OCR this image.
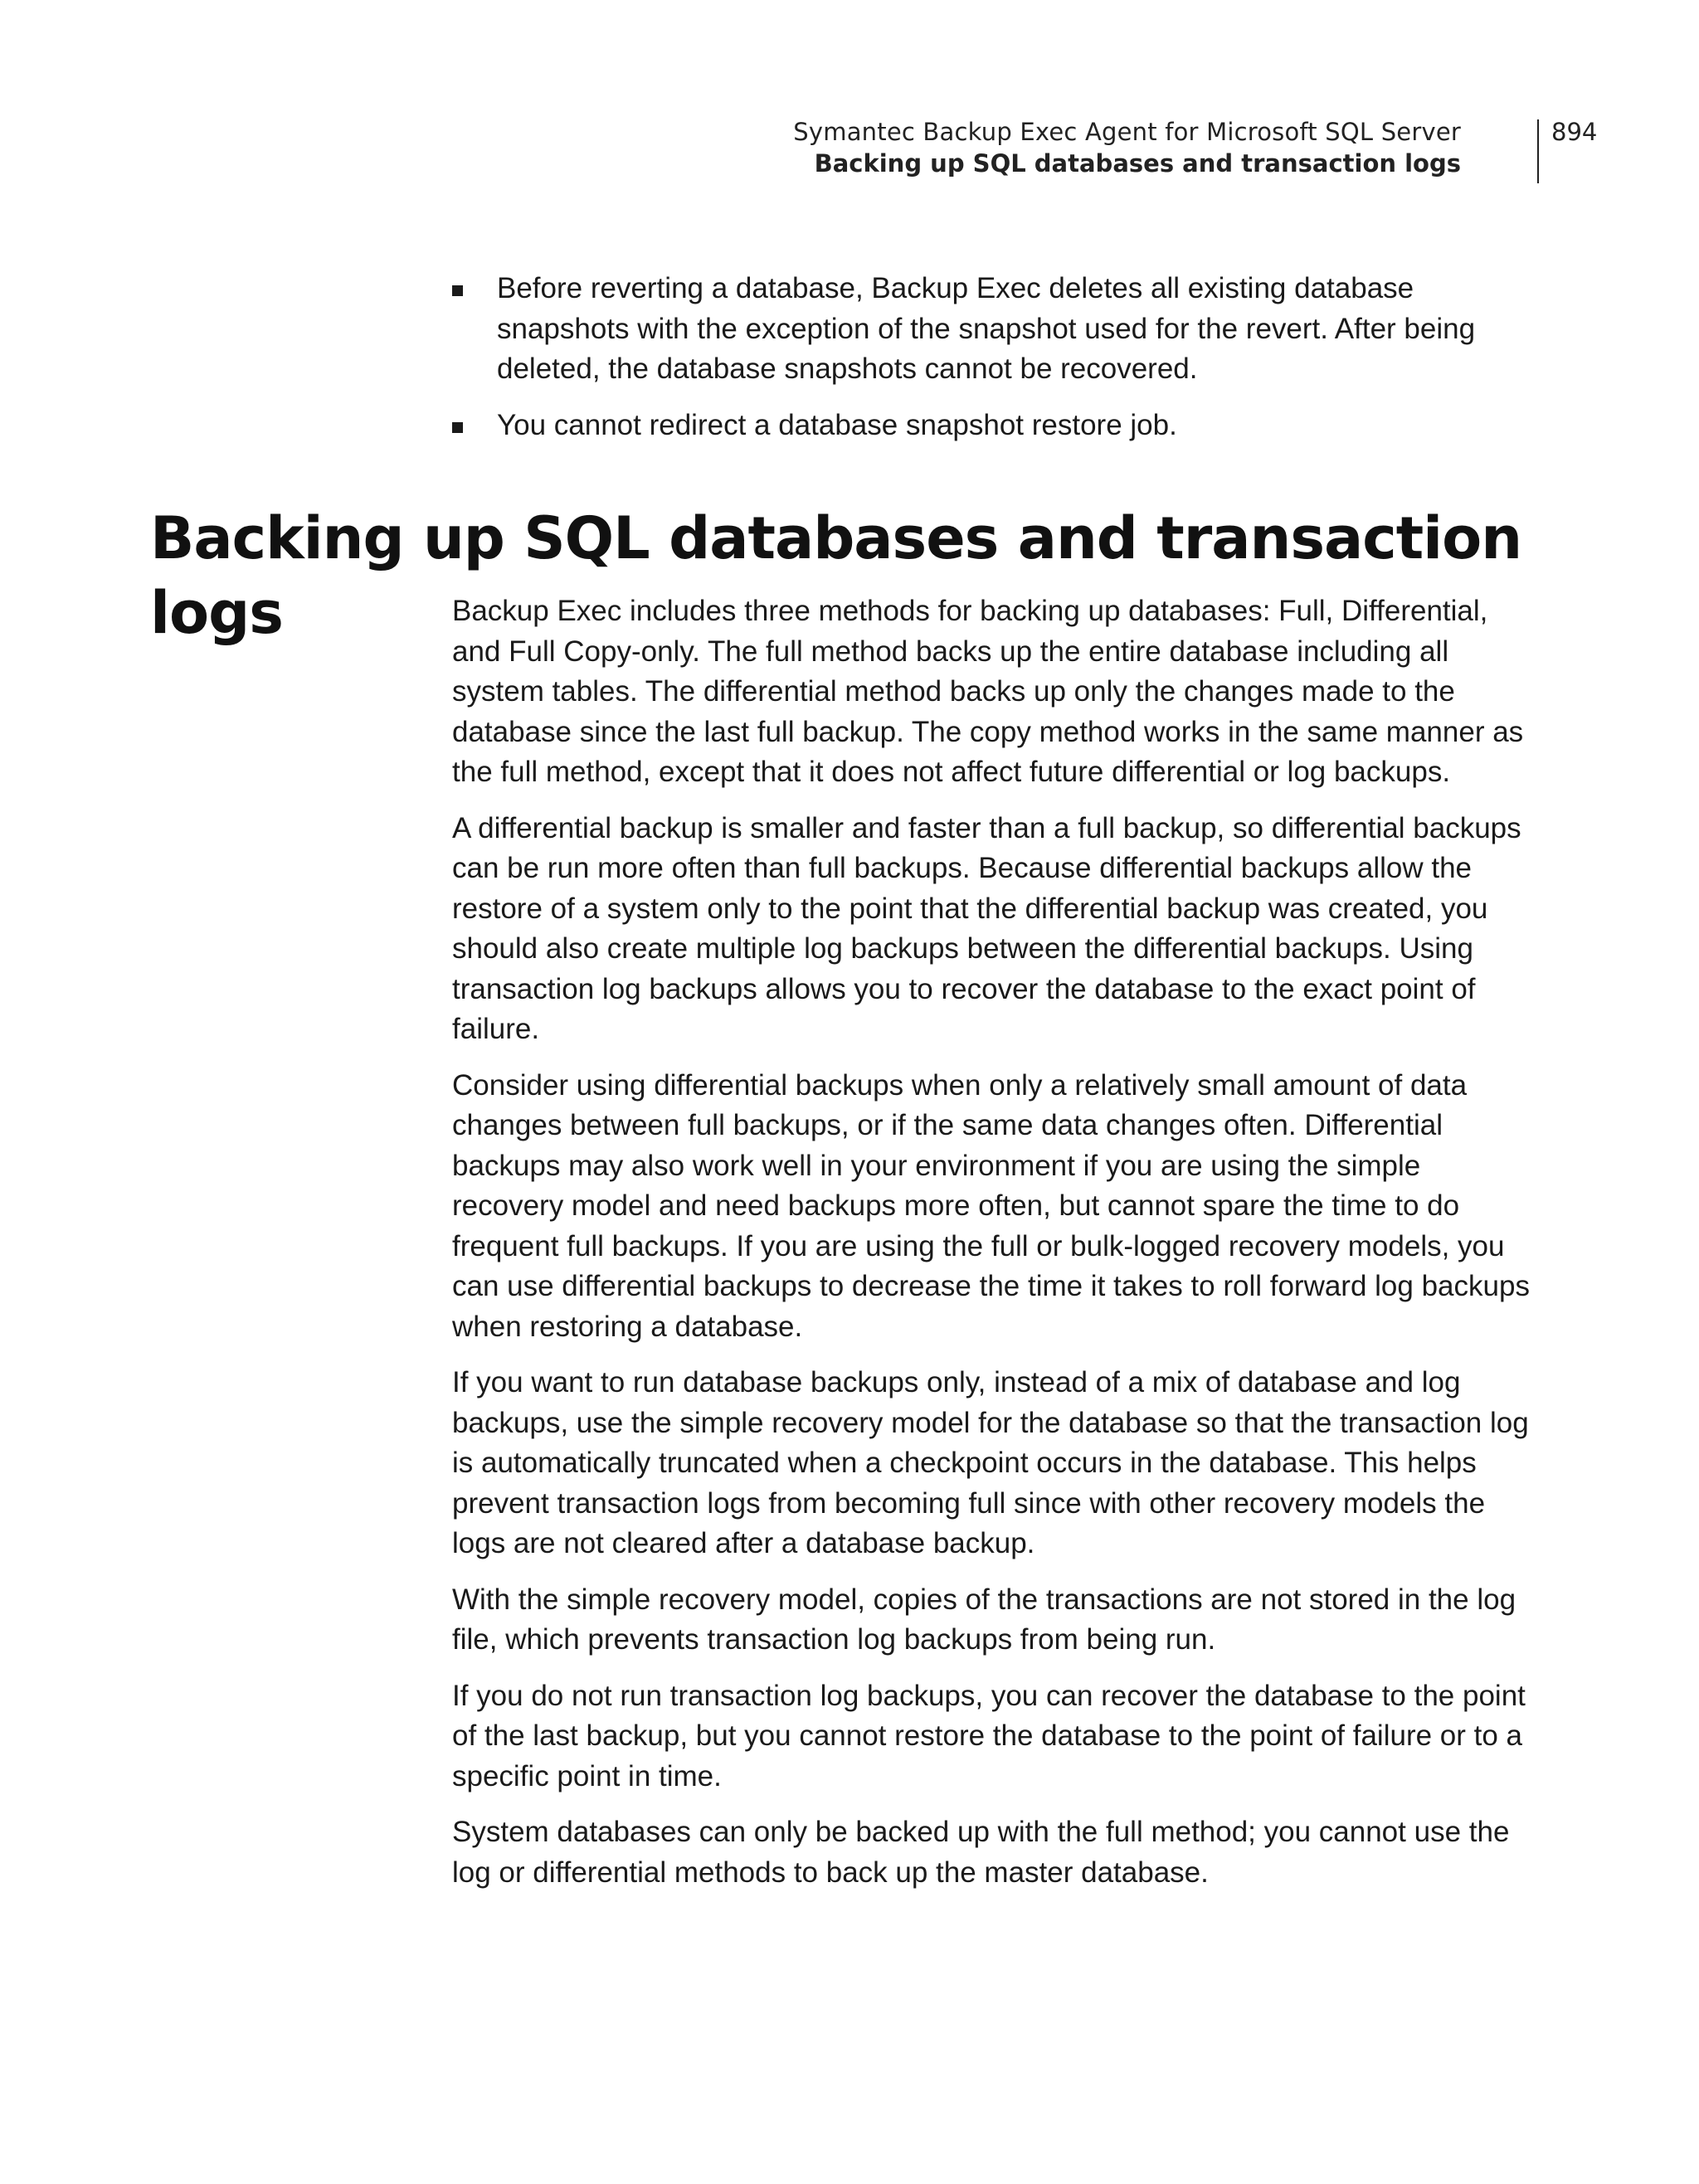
Symantec Backup Exec Agent for Microsoft SQL Server
Backing up SQL databases and transaction logs
894
Before reverting a database, Backup Exec deletes all existing database snapshots with the exception of the snapshot used for the revert. After being deleted, the database snapshots cannot be recovered.
You cannot redirect a database snapshot restore job.
Backing up SQL databases and transaction logs	Backup Exec includes three methods for backing up databases: Full, Differential, and Full Copy-only. The full method backs up the entire database including all system tables. The differential method backs up only the changes made to the database since the last full backup. The copy method works in the same manner as the full method, except that it does not affect future differential or log backups.

A differential backup is smaller and faster than a full backup, so differential backups can be run more often than full backups. Because differential backups allow the restore of a system only to the point that the differential backup was created, you should also create multiple log backups between the differential backups. Using transaction log backups allows you to recover the database to the exact point of failure.

Consider using differential backups when only a relatively small amount of data changes between full backups, or if the same data changes often. Differential backups may also work well in your environment if you are using the simple recovery model and need backups more often, but cannot spare the time to do frequent full backups. If you are using the full or bulk-logged recovery models, you can use differential backups to decrease the time it takes to roll forward log backups when restoring a database.

If you want to run database backups only, instead of a mix of database and log backups, use the simple recovery model for the database so that the transaction log is automatically truncated when a checkpoint occurs in the database. This helps prevent transaction logs from becoming full since with other recovery models the logs are not cleared after a database backup.

With the simple recovery model, copies of the transactions are not stored in the log file, which prevents transaction log backups from being run.

If you do not run transaction log backups, you can recover the database to the point of the last backup, but you cannot restore the database to the point of failure or to a specific point in time.

System databases can only be backed up with the full method; you cannot use the log or differential methods to back up the master database.
